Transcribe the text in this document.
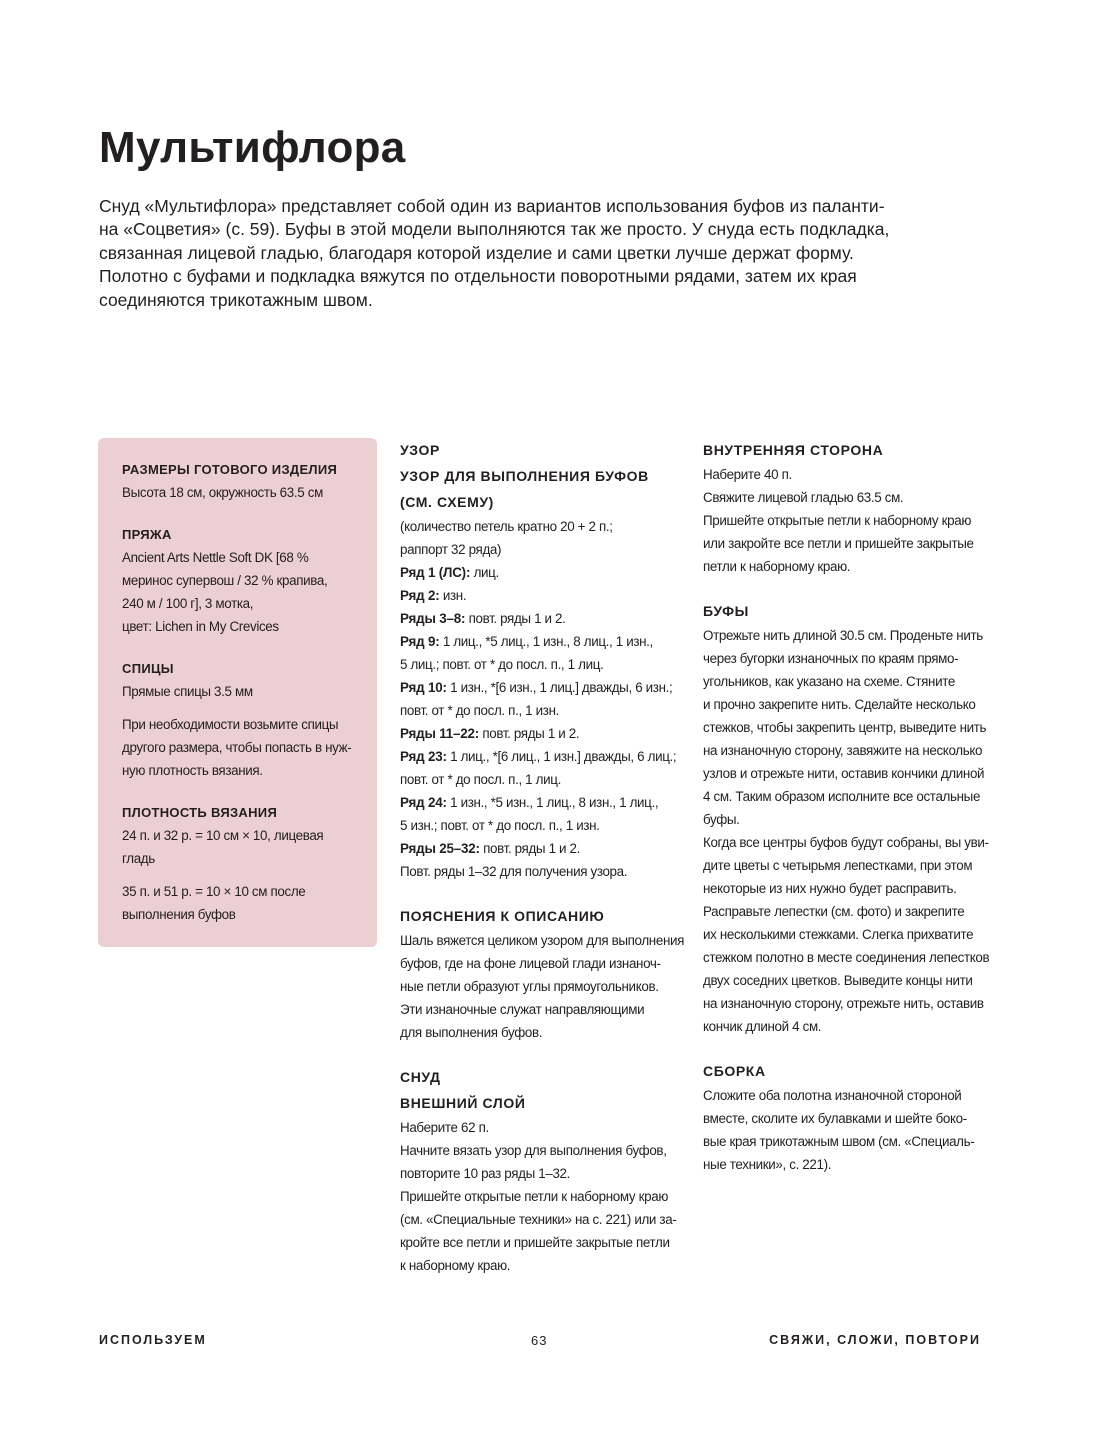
Мультифлора
Снуд «Мультифлора» представляет собой один из вариантов использования буфов из паланти-
на «Соцветия» (с. 59). Буфы в этой модели выполняются так же просто. У снуда есть подкладка,
связанная лицевой гладью, благодаря которой изделие и сами цветки лучше держат форму.
Полотно с буфами и подкладка вяжутся по отдельности поворотными рядами, затем их края
соединяются трикотажным швом.
РАЗМЕРЫ ГОТОВОГО ИЗДЕЛИЯ
Высота 18 см, окружность 63.5 см
ПРЯЖА
Ancient Arts Nettle Soft DK [68 %
меринос супервош / 32 % крапива,
240 м / 100 г], 3 мотка,
цвет: Lichen in My Crevices
СПИЦЫ
Прямые спицы 3.5 мм
При необходимости возьмите спицы
другого размера, чтобы попасть в нуж-
ную плотность вязания.
ПЛОТНОСТЬ ВЯЗАНИЯ
24 п. и 32 р. = 10 см × 10, лицевая
гладь
35 п. и 51 р. = 10 × 10 см после
выполнения буфов
УЗОР
УЗОР ДЛЯ ВЫПОЛНЕНИЯ БУФОВ
(СМ. СХЕМУ)
(количество петель кратно 20 + 2 п.;
раппорт 32 ряда)
Ряд 1 (ЛС): лиц.
Ряд 2: изн.
Ряды 3–8: повт. ряды 1 и 2.
Ряд 9: 1 лиц., *5 лиц., 1 изн., 8 лиц., 1 изн.,
5 лиц.; повт. от * до посл. п., 1 лиц.
Ряд 10: 1 изн., *[6 изн., 1 лиц.] дважды, 6 изн.;
повт. от * до посл. п., 1 изн.
Ряды 11–22: повт. ряды 1 и 2.
Ряд 23: 1 лиц., *[6 лиц., 1 изн.] дважды, 6 лиц.;
повт. от * до посл. п., 1 лиц.
Ряд 24: 1 изн., *5 изн., 1 лиц., 8 изн., 1 лиц.,
5 изн.; повт. от * до посл. п., 1 изн.
Ряды 25–32: повт. ряды 1 и 2.
Повт. ряды 1–32 для получения узора.
ПОЯСНЕНИЯ К ОПИСАНИЮ
Шаль вяжется целиком узором для выполнения
буфов, где на фоне лицевой глади изнаноч-
ные петли образуют углы прямоугольников.
Эти изнаночные служат направляющими
для выполнения буфов.
СНУД
ВНЕШНИЙ СЛОЙ
Наберите 62 п.
Начните вязать узор для выполнения буфов,
повторите 10 раз ряды 1–32.
Пришейте открытые петли к наборному краю
(см. «Специальные техники» на с. 221) или за-
кройте все петли и пришейте закрытые петли
к наборному краю.
ВНУТРЕННЯЯ СТОРОНА
Наберите 40 п.
Свяжите лицевой гладью 63.5 см.
Пришейте открытые петли к наборному краю
или закройте все петли и пришейте закрытые
петли к наборному краю.
БУФЫ
Отрежьте нить длиной 30.5 см. Проденьте нить
через бугорки изнаночных по краям прямо-
угольников, как указано на схеме. Стяните
и прочно закрепите нить. Сделайте несколько
стежков, чтобы закрепить центр, выведите нить
на изнаночную сторону, завяжите на несколько
узлов и отрежьте нити, оставив кончики длиной
4 см. Таким образом исполните все остальные
буфы.
Когда все центры буфов будут собраны, вы уви-
дите цветы с четырьмя лепестками, при этом
некоторые из них нужно будет расправить.
Расправьте лепестки (см. фото) и закрепите
их несколькими стежками. Слегка прихватите
стежком полотно в месте соединения лепестков
двух соседних цветков. Выведите концы нити
на изнаночную сторону, отрежьте нить, оставив
кончик длиной 4 см.
СБОРКА
Сложите оба полотна изнаночной стороной
вместе, сколите их булавками и шейте боко-
вые края трикотажным швом (см. «Специаль-
ные техники», с. 221).
ИСПОЛЬЗУЕМ	63	СВЯЖИ, СЛОЖИ, ПОВТОРИ
